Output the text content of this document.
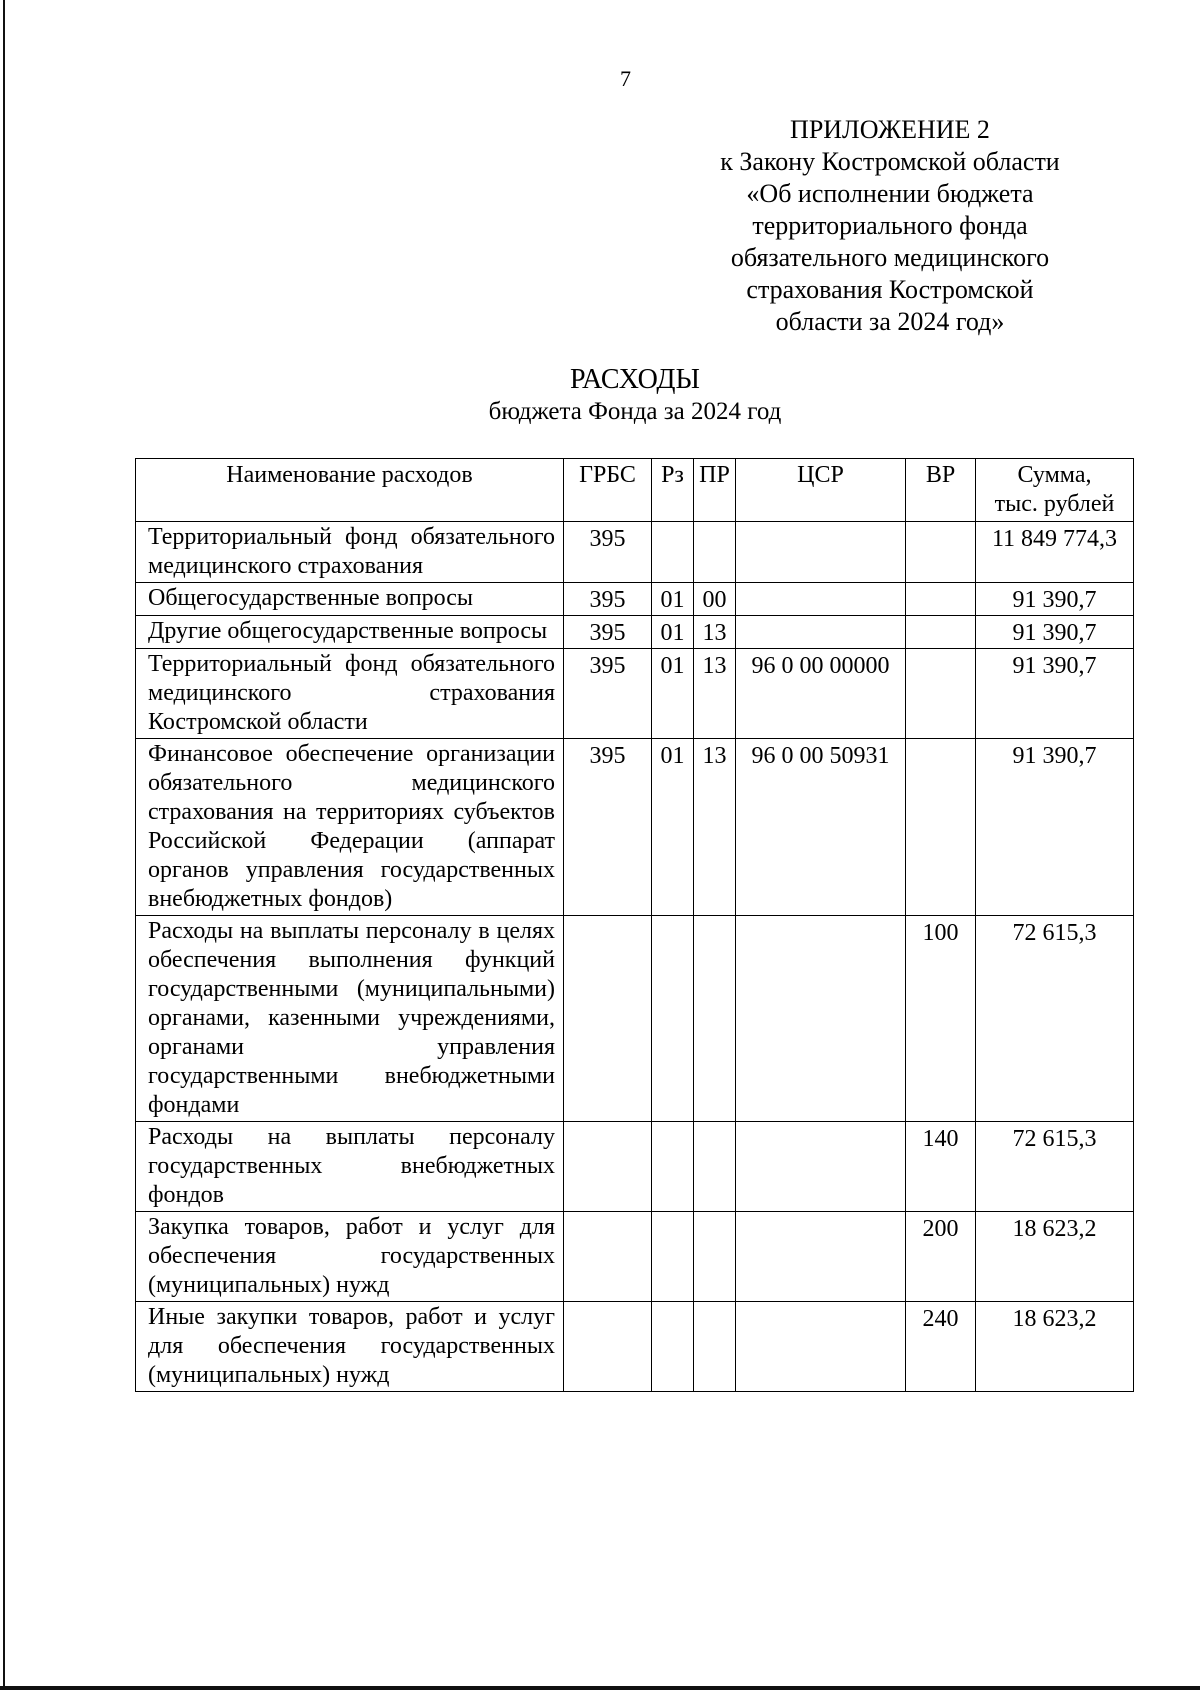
7
ПРИЛОЖЕНИЕ 2
к Закону Костромской области
«Об исполнении бюджета
территориального фонда
обязательного медицинского
страхования Костромской
области за 2024 год»
РАСХОДЫ
бюджета Фонда за 2024 год
Наименование расходов	ГРБС	Рз	ПР	ЦСР	ВР	Сумма,
тыс. рублей

Территориальный фонд обязательного медицинского страхования	395					11 849 774,3
Общегосударственные вопросы	395	01	00			91 390,7
Другие общегосударственные вопросы	395	01	13			91 390,7
Территориальный фонд обязательного медицинского страхования Костромской области	395	01	13	96 0 00 00000		91 390,7
Финансовое обеспечение организации обязательного медицинского страхования на территориях субъектов Российской Федерации (аппарат органов управления государственных внебюджетных фондов)	395	01	13	96 0 00 50931		91 390,7
Расходы на выплаты персоналу в целях обеспечения выполнения функций государственными (муниципальными) органами, казенными учреждениями, органами управления государственными внебюджетными фондами					100	72 615,3
Расходы на выплаты персоналу государственных внебюджетных фондов					140	72 615,3
Закупка товаров, работ и услуг для обеспечения государственных (муниципальных) нужд					200	18 623,2
Иные закупки товаров, работ и услуг для обеспечения государственных (муниципальных) нужд					240	18 623,2
